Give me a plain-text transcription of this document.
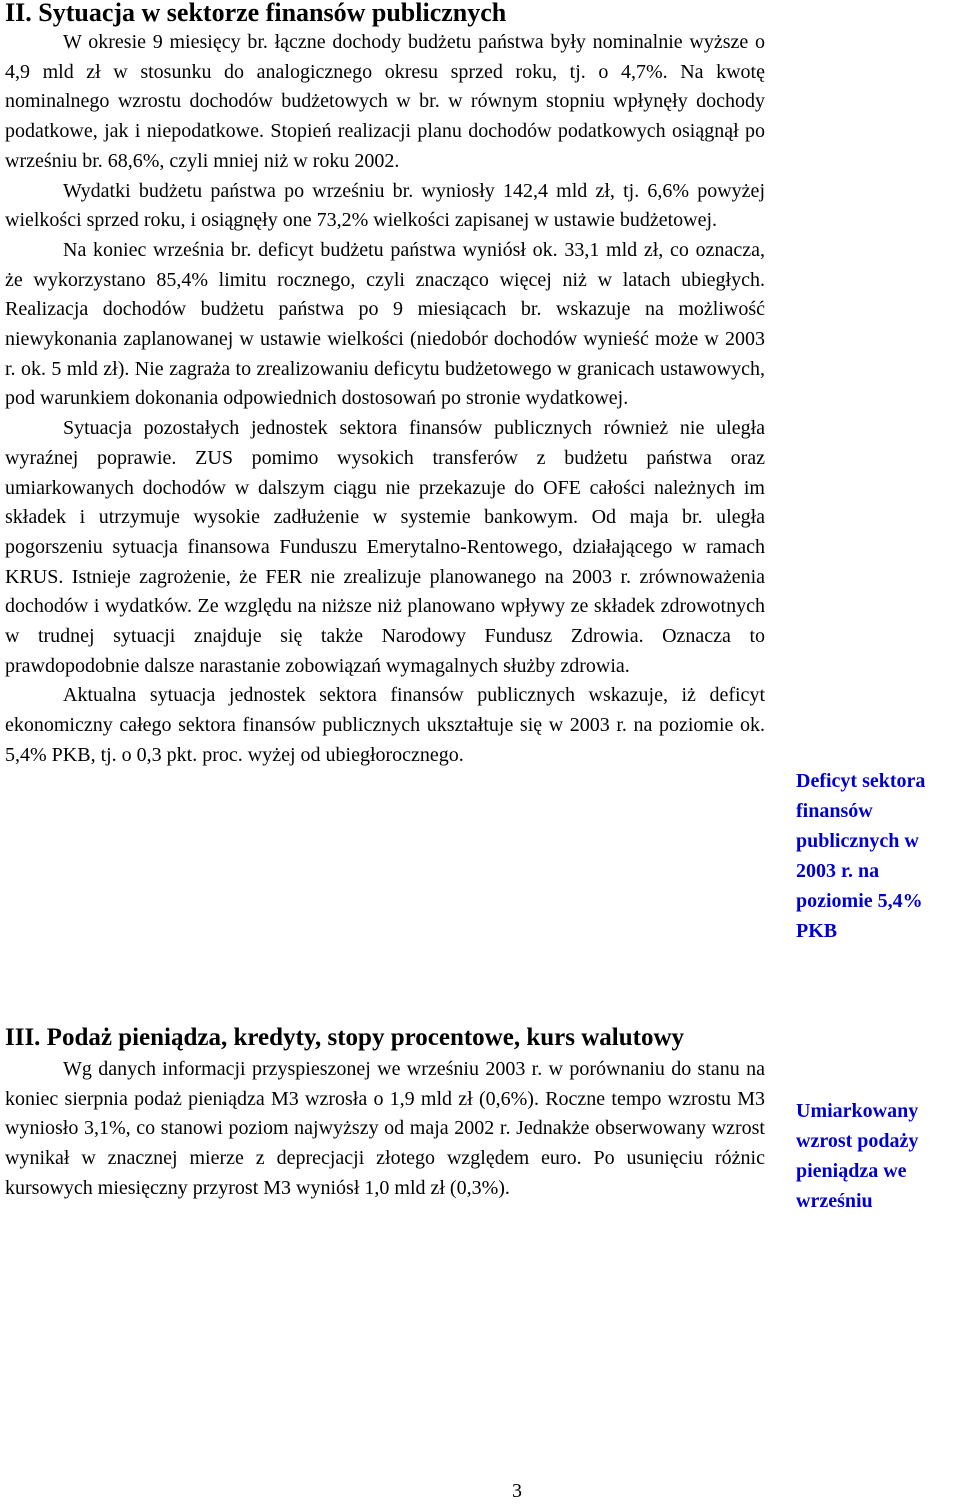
II. Sytuacja w sektorze finansów publicznych

W okresie 9 miesięcy br. łączne dochody budżetu państwa były nominalnie wyższe o 4,9 mld zł w stosunku do analogicznego okresu sprzed roku, tj. o 4,7%. Na kwotę nominalnego wzrostu dochodów budżetowych w br. w równym stopniu wpłynęły dochody podatkowe, jak i niepodatkowe. Stopień realizacji planu dochodów podatkowych osiągnął po wrześniu br. 68,6%, czyli mniej niż w roku 2002.

Wydatki budżetu państwa po wrześniu br. wyniosły 142,4 mld zł, tj. 6,6% powyżej wielkości sprzed roku, i osiągnęły one 73,2% wielkości zapisanej w ustawie budżetowej.

Na koniec września br. deficyt budżetu państwa wyniósł ok. 33,1 mld zł, co oznacza, że wykorzystano 85,4% limitu rocznego, czyli znacząco więcej niż w latach ubiegłych. Realizacja dochodów budżetu państwa po 9 miesiącach br. wskazuje na możliwość niewykonania zaplanowanej w ustawie wielkości (niedobór dochodów wynieść może w 2003 r. ok. 5 mld zł). Nie zagraża to zrealizowaniu deficytu budżetowego w granicach ustawowych, pod warunkiem dokonania odpowiednich dostosowań po stronie wydatkowej.

Sytuacja pozostałych jednostek sektora finansów publicznych również nie uległa wyraźnej poprawie. ZUS pomimo wysokich transferów z budżetu państwa oraz umiarkowanych dochodów w dalszym ciągu nie przekazuje do OFE całości należnych im składek i utrzymuje wysokie zadłużenie w systemie bankowym. Od maja br. uległa pogorszeniu sytuacja finansowa Funduszu Emerytalno-Rentowego, działającego w ramach KRUS. Istnieje zagrożenie, że FER nie zrealizuje planowanego na 2003 r. zrównoważenia dochodów i wydatków. Ze względu na niższe niż planowano wpływy ze składek zdrowotnych w trudnej sytuacji znajduje się także Narodowy Fundusz Zdrowia. Oznacza to prawdopodobnie dalsze narastanie zobowiązań wymagalnych służby zdrowia.

Aktualna sytuacja jednostek sektora finansów publicznych wskazuje, iż deficyt ekonomiczny całego sektora finansów publicznych ukształtuje się w 2003 r. na poziomie ok. 5,4% PKB, tj. o 0,3 pkt. proc. wyżej od ubiegłorocznego.

III. Podaż pieniądza, kredyty, stopy procentowe, kurs walutowy

Wg danych informacji przyspieszonej we wrześniu 2003 r. w porównaniu do stanu na koniec sierpnia podaż pieniądza M3 wzrosła o 1,9 mld zł (0,6%). Roczne tempo wzrostu M3 wyniosło 3,1%, co stanowi poziom najwyższy od maja 2002 r. Jednakże obserwowany wzrost wynikał w znacznej mierze z deprecjacji złotego względem euro. Po usunięciu różnic kursowych miesięczny przyrost M3 wyniósł 1,0 mld zł (0,3%).

Deficyt sektora finansów publicznych w 2003 r. na poziomie 5,4% PKB
Umiarkowany wzrost podaży pieniądza we wrześniu
3
